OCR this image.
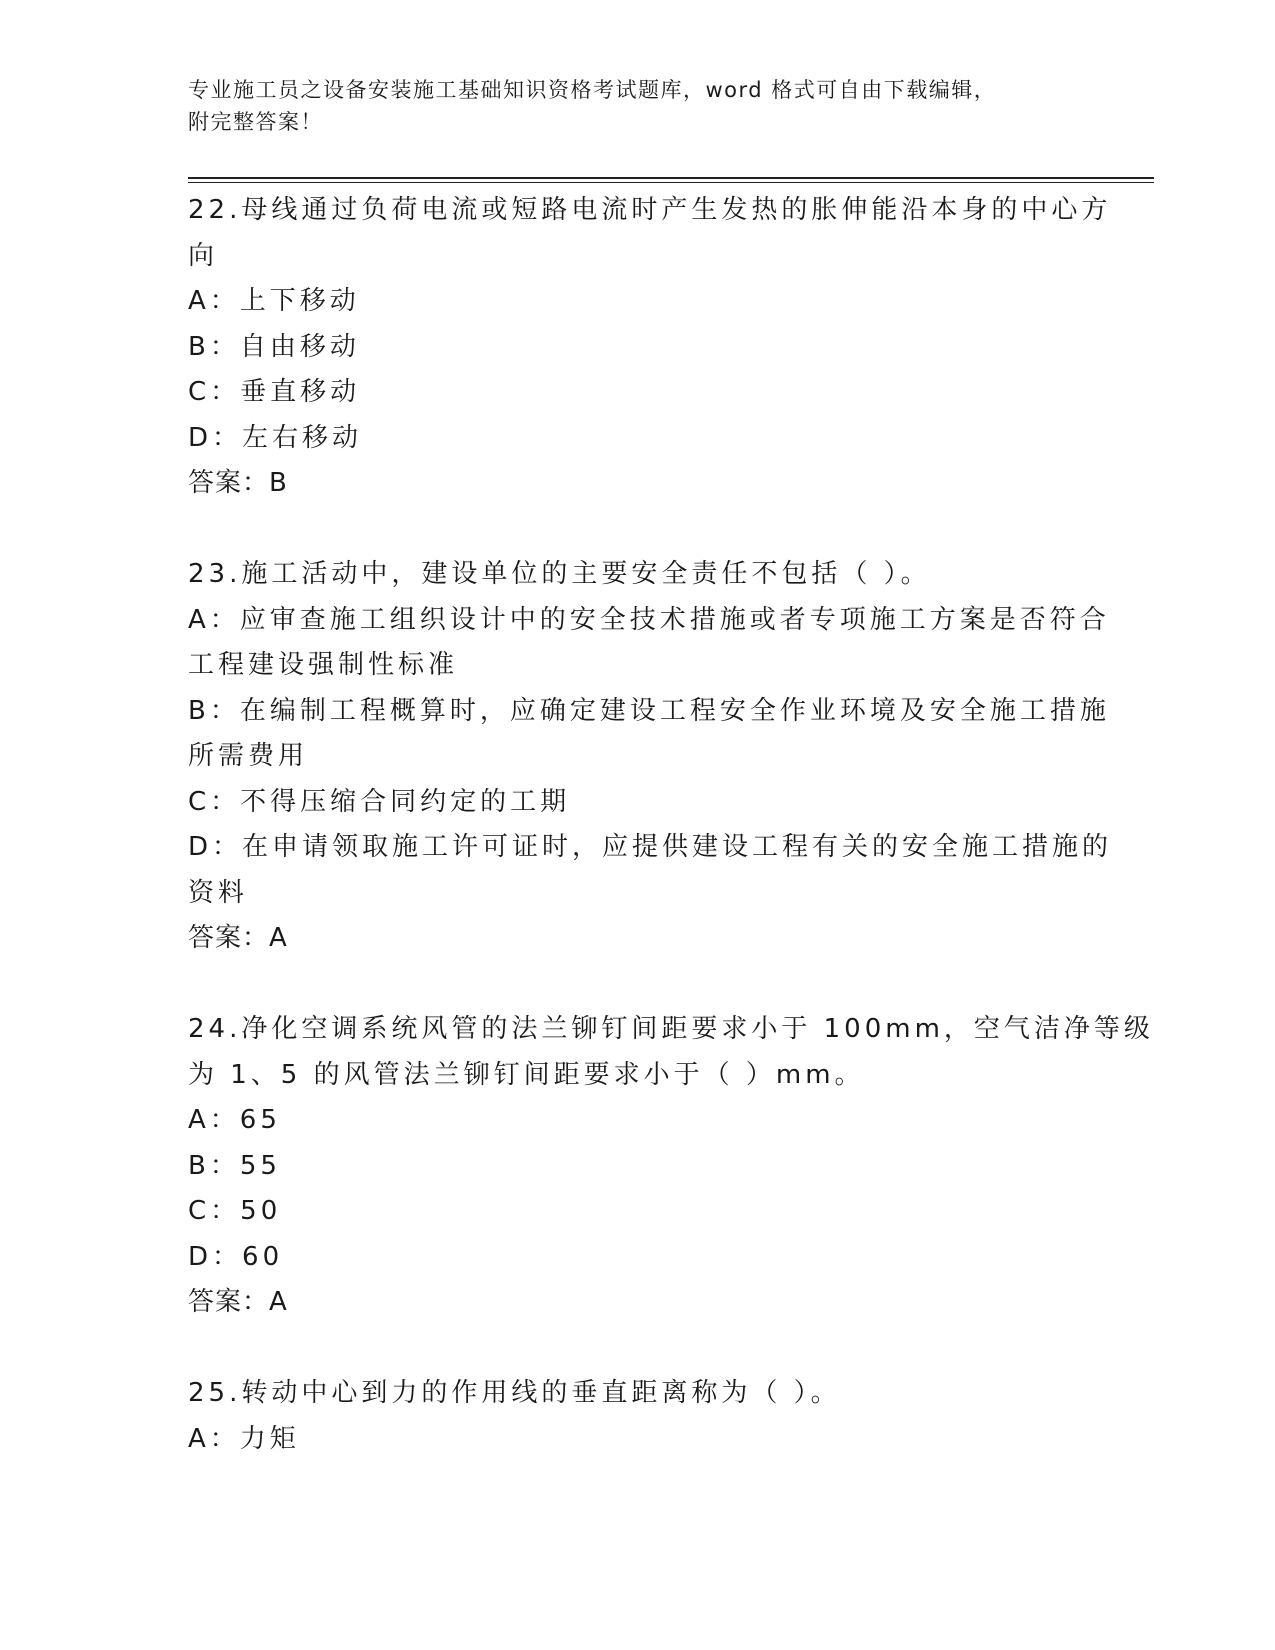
专业施工员之设备安装施工基础知识资格考试题库，word 格式可自由下载编辑，
附完整答案！
22.母线通过负荷电流或短路电流时产生发热的胀伸能沿本身的中心方
向
A：上下移动
B：自由移动
C：垂直移动
D：左右移动
答案：B
23.施工活动中，建设单位的主要安全责任不包括（ ）。
A：应审查施工组织设计中的安全技术措施或者专项施工方案是否符合
工程建设强制性标准
B：在编制工程概算时，应确定建设工程安全作业环境及安全施工措施
所需费用
C：不得压缩合同约定的工期
D：在申请领取施工许可证时，应提供建设工程有关的安全施工措施的
资料
答案：A
24.净化空调系统风管的法兰铆钉间距要求小于 100mm，空气洁净等级
为 1、5 的风管法兰铆钉间距要求小于（ ）mm。
A：65
B：55
C：50
D：60
答案：A
25.转动中心到力的作用线的垂直距离称为（ ）。
A：力矩
